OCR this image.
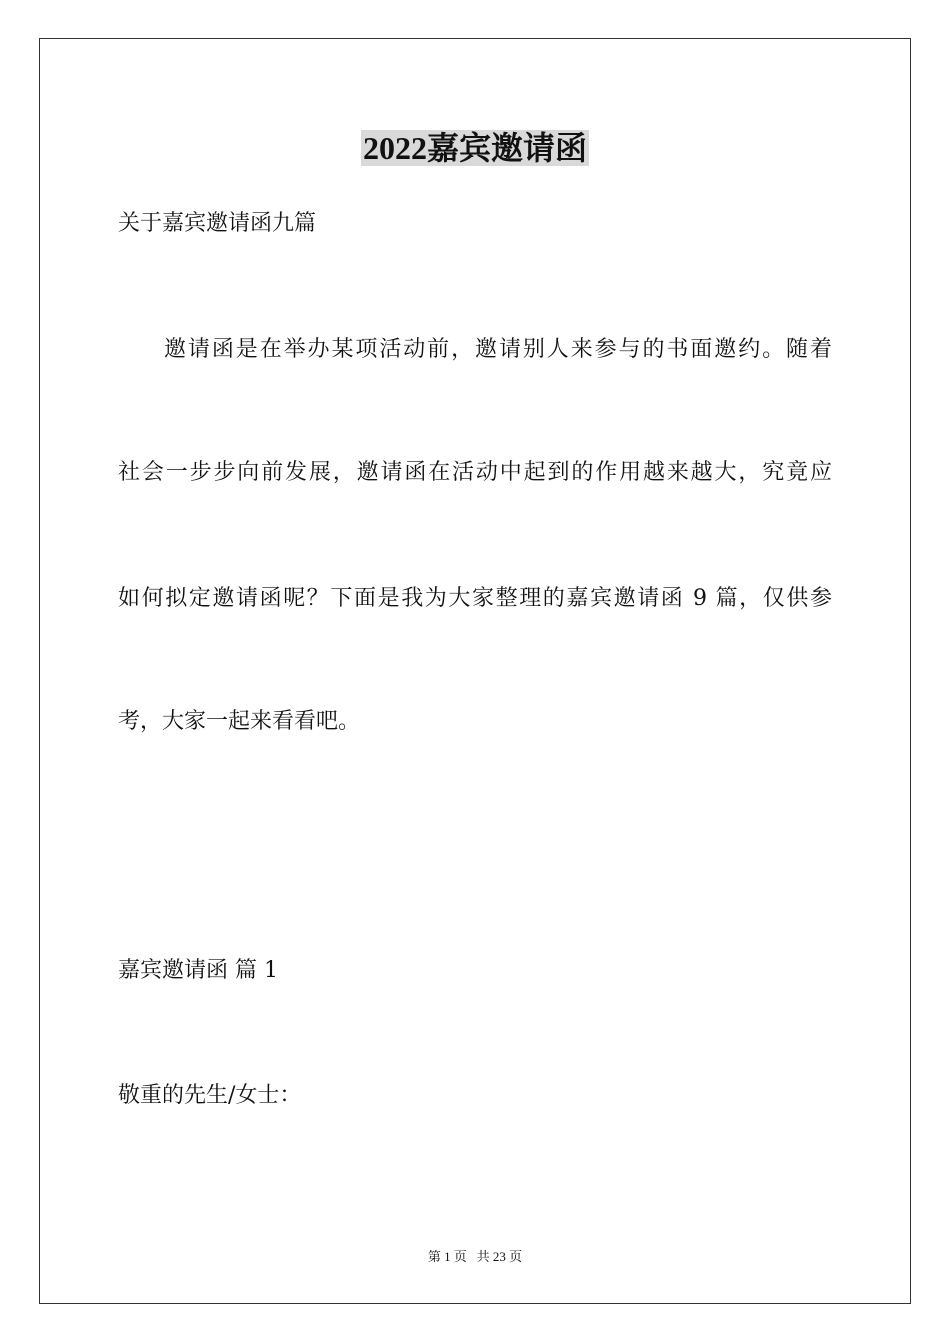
2022嘉宾邀请函
关于嘉宾邀请函九篇
邀请函是在举办某项活动前，邀请别人来参与的书面邀约。随着
社会一步步向前发展，邀请函在活动中起到的作用越来越大，究竟应
如何拟定邀请函呢？下面是我为大家整理的嘉宾邀请函 9 篇，仅供参
考，大家一起来看看吧。
嘉宾邀请函 篇 1
敬重的先生/女士：
第 1 页   共 23 页
